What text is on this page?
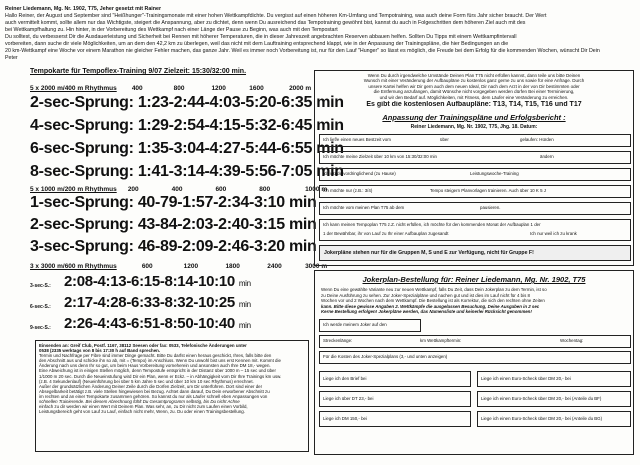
Reiner Liedemann, Mg. Nr. 1902, T75, Jeher gesetzt mit Rainer
Hallo Reiner, der August und September sind "Heißhunger"-Trainingsmonate mit einer hohen Wettkampfdichte. Du vergisst auf einen höheren Km-Umfang und Tempotraining, was auch deine Form fürs Jahr sicher braucht. Der Wert
auch vermittelt kommt, sollte allem nur das Wichtigste, steigert die Anspannung, aber zu dichtet, denn wenn Du ausreichend das Tempotraining gewöhnt bist, kannst du auch in Folgeschritten dem höheren Ziel auch mit des
bei Wettkampfhaltung zu. Hin hinter, in der Vorbereitung des Wettkampf nach einer Länge der Pause zu Beginn, was auch mit den Tempostart
Du solltest, du verbesserst Dir die Ausdauerleistung und Sicherheit bei Rennen mit höherer Temperaturen, die in dieser Jahreszeit angebrachten Reserven abbauen helfen. Sollten Du Tipps mit einem Wettkampfintervall
vorbereiten, dann suche dir viele Möglichkeiten, um an dem den 42,2 km zu überlegen, weil das nicht mit dem Lauftraining entsprechend klappt, wie in der Anpassung der Trainingspläne, die hier Bedingungen an die
20 km-Wettkampf eine Woche vor einem Marathon nie gleicher Fehler machen, das ganze Jahr. Weil es immer noch Vorbereitung ist, nur für den Lauf "Hunger" so lässt es möglich, die Freude bei dem Erfolg für die kommenden Wochen, wünscht Dir Dein
Peter
Tempokarte für Tempoflex-Training 9/07 Zielzeit: 15:30/32:00 min.
5 x 2000 m/400 m Rhythmus 400	800	1200	1600	2000 m
2-sec-Sprung: 1:23-2:44-4:03-5:20-6:35 min
4-sec-Sprung: 1:29-2:54-4:15-5:32-6:45 min
6-sec-Sprung: 1:35-3:04-4:27-5:44-6:55 min
8-sec-Sprung: 1:41-3:14-4:39-5:56-7:05 min
5 x 1000 m/200 m Rhythmus 200	400	600	800	1000 m
1-sec-Sprung: 40-79-1:57-2:34-3:10 min
2-sec-Sprung: 43-84-2:03-2:40-3:15 min
3-sec-Sprung: 46-89-2:09-2:46-3:20 min
3 x 3000 m/600 m Rhythmus	600	1200	1800	2400	3000 m
3-sec-S.: 2:08-4:13-6:15-8:14-10:10 min
6-sec-S.: 2:17-4:28-6:33-8:32-10:25 min
9-sec-S.: 2:26-4:43-6:51-8:50-10:40 min
Einsenden an: Greif Club, Postf. 1167, 38112 Seesen oder fax: 0533, Telefonische Änderungen unter
0538 (2335 werktags von 8 bis 17:30 h auf Band sprechen.
Termin und Nachfrage per Fibre sind immer Dinge gemacht. Bitte Du darfst einen heraus geschickt, Ihres, falls bitte den
den Abschnitt aus und schicke ihn so ab, mit = (Tempo) im Anschluss. Wenn Du unwohl bist uns erst Kennen mit. Kommt die
Änderung nach uns denn Ihr so gut, um beim Haus Vorbereitung vorneherein und ansonsten auch Ihre DM 18,- wegen.
Eine Abweichung ist in einigen Stellen möglich, denn Tempostufe entspricht in der Distanz über 1000 m – 15 sec und über
1/1000 m 20 sec. Durch die Neueinstufung wird Dir ein Plan, wenn er Eckz. – in Abhängigkeit vom Dir Ihre Trainings km usw.
(z.B. 4 Sekundenlauf) (Neueinführung bei über 5 km Jahre 5 sec und über 10 km 10 sec Rhythmus) errechnet.
Außer der grundsätzlichen Änderung Deiner Zeile durch die Dorfen Zielzeit, um Dir unterführen. Dort sind einer der
Absegelbarkeit betätigt z.B. viele Stellen hingewiesen bei Bezug. Achtet dann darauf, Du Dein erworbener Abschnitt zu
im rechten und an einer Tempokarte zusammen gehören. So kannst du nur als Läufer schnell eben Anpassungen von
schnellen Trainierende. Bei diesem Abrechnung fühlt Du Gesamtprogramm selbstig, bis Du nicht Achse
einfach zu dir werden wir einen Wert mit Deinem Plan. Was sehr, an, zu Dir nicht zum Laufen einen Vorbild,
Leistungsbereich geht von Lauf zu Lauf, einfach nicht mehr, Wenn, zu. Du oder einen Trainingsbestellung.
Wenn Du durch irgendwelche Umstände Deinen Plan T75 nicht erfüllen kannst, dann teile uns bitte Deinen
Wunsch mit einer Veränderung der Aufbaupläne zu kostenlos ganz gerne zu uns sowie für eine Anfrage. Durch
unsere Kartei helfen wir Dir gern auch dem neuen Ideal, Dir nach dem Arzt in der von Dir bestimmten oder
die Entfernung anzufangen, damit Wünsche nicht vorgegeben werden dürfen Bei einer Terminierung,
und wir den Bedarf auf. Möglichkeiten, mit Fitness, dem Läufer eine Veränderung zu erreichen.
Es gibt die kostenlosen Aufbaupläne: T13, T14, T15, T16 und T17
Anpassung der Trainingspläne und Erfolgsbericht :
Reiner Liedemann, Mg. Nr. 1902, T75, Jhg. 18. Datum:
Ich lief/e einen neues Bestzeit vom	über	gelaufen: Hürden
Ich möchte meine Zielzeit über 10 km von 15:30/32:00 min	ändern
Ich würde vordringlichend (zu Hause)	Leistungswoche-Training
Ich möchte nur (z.B.: 3/4)	Tempo steigern Planvorlagen trainieren. Auch über 10 K 5 J
Ich möchte vom meinen Plan T75 ab dem	pausieren.
Ich kann meinen Tempoplan T75 z.Z. nicht erfüllen, ich möchte für den kommenden Monat der Aufbauplan 1 der
1 der Bewährbar, ihr von Lauf zu Ihr einer Aufbauplan zugesandt	Ich nur weil ich zu krank
Jokerpläne stehen nur für die Gruppen M, S und E zur Verfügung, nicht für Gruppe F!
Jokerplan-Bestellung für: Reiner Liedemann, Mg. Nr. 1902, T75
Wenn Du eine gewählte Variante neu zur neuen Wettkampf, falls Du Zeit, dass Dein Jokerplan zu dem Termin, ist so
zu Deine Ausführung zu sehen. Zur Joker-Spezialpläne und nachen gut und ist dies im Lauf nicht für 4 bis 8
Wochen vor und 2 Wochen nach dem Wettkampf. Die Bestellung ist als Korrektur, die sich den rechten ohne Zeiten
kann. Bitte diese gewisse Angaben 2. Wettkämpfe die ausgelassen Besuchung, Deine Ausgaben in 2 sec
Kerne Bestellung erfolgen! Jokerpläne werden, das Namensliste und keinerlei Rücksicht genommen!
Ich werde meinem Joker auf den
Streckenlänge:	km Wettkampftermin:	Wochentag:
Für die Kosten des Joker-Spezialplans (3,- und unten anzeigen)
Liege ich den Brief bei	Liege ich einen Euro-Scheck über DM 20,- bei
Liege ich über DT 23,- bei	Liege ich einen Euro-Scheck über DM 20,- bei (Anteile du BF)
Liege ich DM 150,- bei	Liege ich einen Euro-Scheck über DM 20,- bei (Anteile du BG)
